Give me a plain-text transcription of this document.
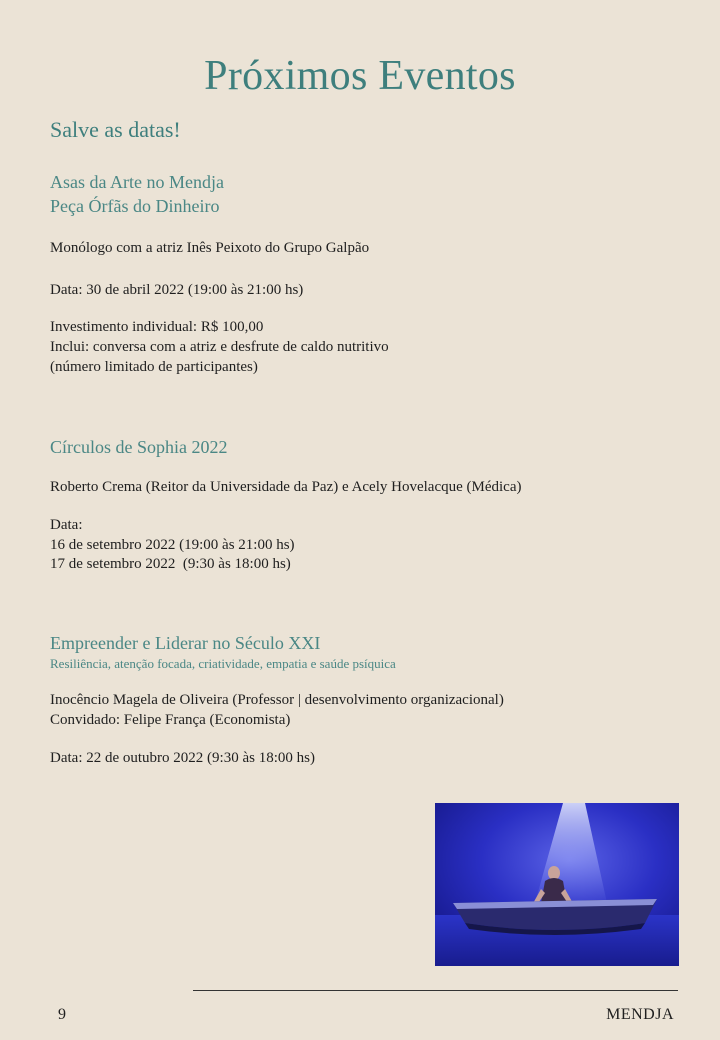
Próximos Eventos
Salve as datas!
Asas da Arte no Mendja
Peça Órfãs do Dinheiro
Monólogo com a atriz Inês Peixoto do Grupo Galpão
Data: 30 de abril 2022 (19:00 às 21:00 hs)
Investimento individual: R$ 100,00
Inclui: conversa com a atriz e desfrute de caldo nutritivo
(número limitado de participantes)
Círculos de Sophia 2022
Roberto Crema (Reitor da Universidade da Paz) e Acely Hovelacque (Médica)
Data:
16 de setembro 2022 (19:00 às 21:00 hs)
17 de setembro 2022  (9:30 às 18:00 hs)
Empreender e Liderar no Século XXI
Resiliência, atenção focada, criatividade, empatia e saúde psíquica
Inocêncio Magela de Oliveira (Professor | desenvolvimento organizacional)
Convidado: Felipe França (Economista)
Data: 22 de outubro 2022 (9:30 às 18:00 hs)
9	MENDJA
